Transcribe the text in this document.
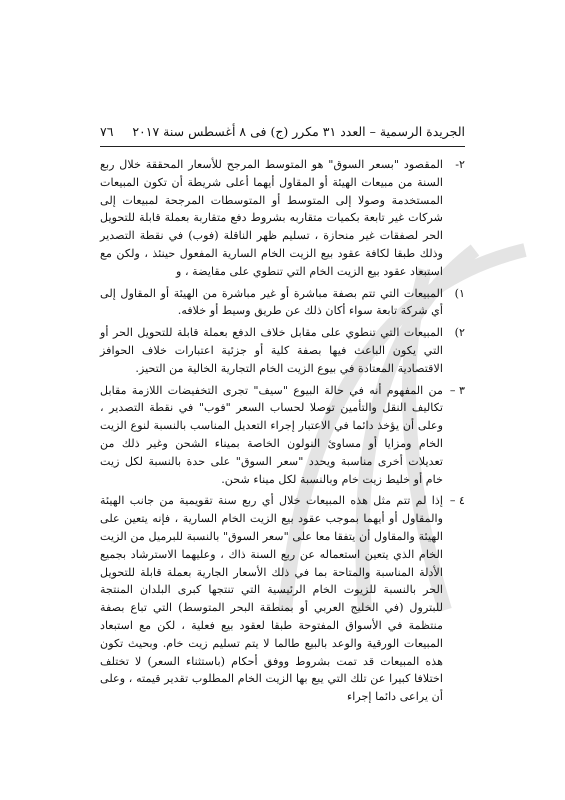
الجريدة الرسمية – العدد ٣١ مكرر (ج) فى ٨ أغسطس سنة ٢٠١٧
٧٦
٢-
المقصود "بسعر السوق" هو المتوسط المرجح للأسعار المحققة خلال ربع السنة من مبيعات الهيئة أو المقاول أيهما أعلى شريطة أن تكون المبيعات المستخدمة وصولا إلى المتوسط أو المتوسطات المرجحة لمبيعات إلى شركات غير تابعة بكميات متقاربه بشروط دفع متقاربة بعملة قابلة للتحويل الحر لصفقات غير منحازة ، تسليم ظهر الناقلة (فوب) في نقطة التصدير وذلك طبقا لكافة عقود بيع الزيت الخام السارية المفعول حينئذ ، ولكن مع استبعاد عقود بيع الزيت الخام التي تنطوي على مقايضة ، و
١)
المبيعات التي تتم بصفة مباشرة أو غير مباشرة من الهيئة أو المقاول إلى أي شركة تابعة سواء أكان ذلك عن طريق وسيط أو خلافه.
٢)
المبيعات التي تنطوي على مقابل خلاف الدفع بعملة قابلة للتحويل الحر أو التي يكون الباعث فيها بصفة كلية أو جزئية اعتبارات خلاف الحوافز الاقتصادية المعتادة في بيوع الزيت الخام التجارية الخالية من التحيز.
٣ –
من المفهوم أنه في حالة البيوع "سيف" تجرى التخفيضات اللازمة مقابل تكاليف النقل والتأمين توصلا لحساب السعر "فوب" في نقطة التصدير ، وعلى أن يؤخذ دائما في الاعتبار إجراء التعديل المناسب بالنسبة لنوع الزيت الخام ومزايا أو مساوئ النولون الخاصة بميناء الشحن وغير ذلك من تعديلات أخرى مناسبة ويحدد "سعر السوق" على حدة بالنسبة لكل زيت خام أو خليط زيت خام وبالنسبة لكل ميناء شحن.
٤ –
إذا لم تتم مثل هذه المبيعات خلال أي ربع سنة تقويمية من جانب الهيئة والمقاول أو أيهما بموجب عقود بيع الزيت الخام السارية ، فإنه يتعين على الهيئة والمقاول أن يتفقا معا على "سعر السوق" بالنسبة للبرميل من الزيت الخام الذي يتعين استعماله عن ربع السنة ذاك ، وعليهما الاسترشاد بجميع الأدلة المناسبة والمتاحة بما في ذلك الأسعار الجارية بعملة قابلة للتحويل الحر بالنسبة للزيوت الخام الرئيسية التي تنتجها كبرى البلدان المنتجة للبترول (في الخليج العربي أو بمنطقة البحر المتوسط) التي تباع بصفة منتظمة في الأسواق المفتوحة طبقا لعقود بيع فعلية ، لكن مع استبعاد المبيعات الورقية والوعد بالبيع طالما لا يتم تسليم زيت خام. وبحيث تكون هذه المبيعات قد تمت بشروط ووفق أحكام (باستثناء السعر) لا تختلف اختلافا كبيرا عن تلك التي يبع بها الزيت الخام المطلوب تقدير قيمته ، وعلى أن يراعى دائما إجراء
